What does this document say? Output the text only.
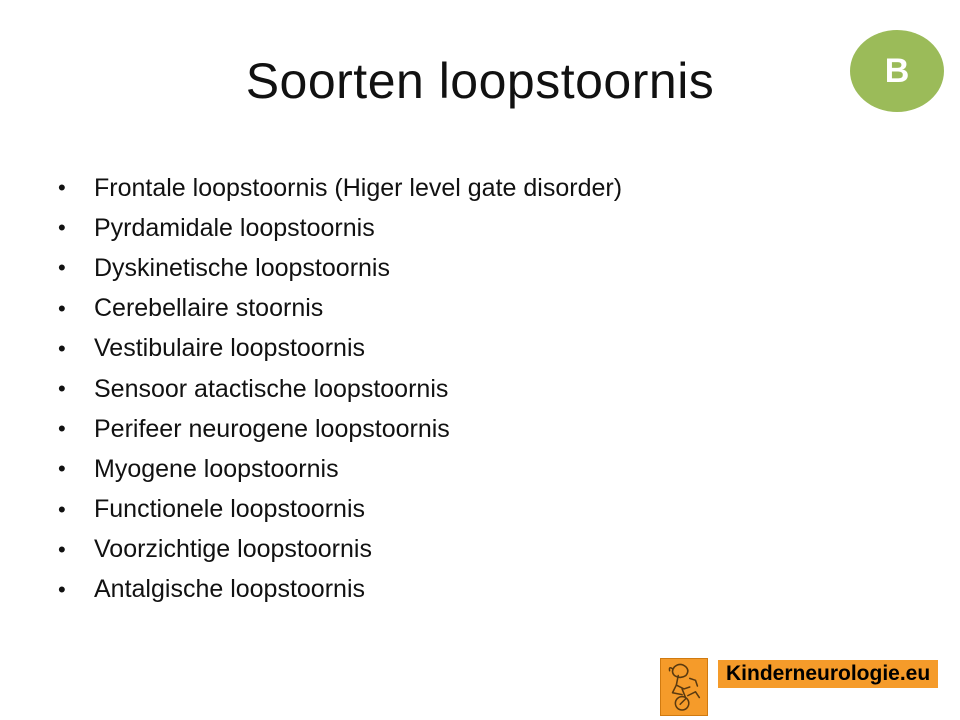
Soorten loopstoornis	B
•	Frontale loopstoornis (Higer level gate disorder)
•	Pyrdamidale loopstoornis
•	Dyskinetische loopstoornis
•	Cerebellaire stoornis
•	Vestibulaire loopstoornis
•	Sensoor atactische loopstoornis
•	Perifeer neurogene loopstoornis
•	Myogene loopstoornis
•	Functionele loopstoornis
•	Voorzichtige loopstoornis
•	Antalgische loopstoornis
Kinderneurologie.eu
